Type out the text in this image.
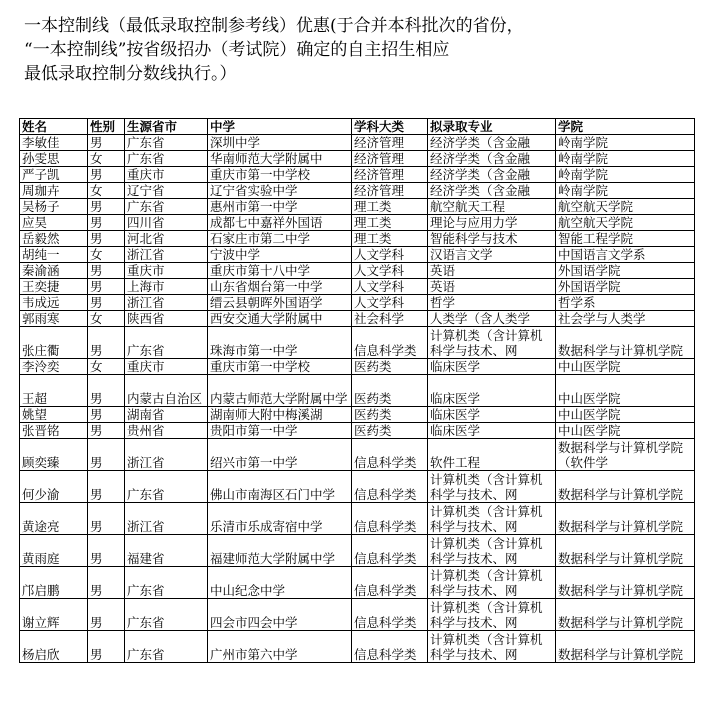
一本控制线（最低录取控制参考线）优惠(于合并本科批次的省份，
“一本控制线”按省级招办（考试院）确定的自主招生相应
最低录取控制分数线执行。）
姓名	性别	生源省市	中学	学科大类	拟录取专业	学院
李敏佳	男	广东省	深圳中学	经济管理	经济学类（含金融	岭南学院
孙雯思	女	广东省	华南师范大学附属中	经济管理	经济学类（含金融	岭南学院
严子凯	男	重庆市	重庆市第一中学校	经济管理	经济学类（含金融	岭南学院
周珈卉	女	辽宁省	辽宁省实验中学	经济管理	经济学类（含金融	岭南学院
吴杨子	男	广东省	惠州市第一中学	理工类	航空航天工程	航空航天学院
应昊	男	四川省	成都七中嘉祥外国语	理工类	理论与应用力学	航空航天学院
岳毅然	男	河北省	石家庄市第二中学	理工类	智能科学与技术	智能工程学院
胡纯一	女	浙江省	宁波中学	人文学科	汉语言文学	中国语言文学系
秦渝涵	男	重庆市	重庆市第十八中学	人文学科	英语	外国语学院
王奕捷	男	上海市	山东省烟台第一中学	人文学科	英语	外国语学院
韦成远	男	浙江省	缙云县朝晖外国语学	人文学科	哲学	哲学系
郭雨寒	女	陕西省	西安交通大学附属中	社会科学	人类学（含人类学	社会学与人类学
张庄衢	男	广东省	珠海市第一中学	信息科学类	计算机类（含计算机科学与技术、网	数据科学与计算机学院
李泠奕	女	重庆市	重庆市第一中学校	医药类	临床医学	中山医学院
王超	男	内蒙古自治区	内蒙古师范大学附属中学	医药类	临床医学	中山医学院
姚望	男	湖南省	湖南师大附中梅溪湖	医药类	临床医学	中山医学院
张晋铭	男	贵州省	贵阳市第一中学	医药类	临床医学	中山医学院
顾奕臻	男	浙江省	绍兴市第一中学	信息科学类	软件工程	数据科学与计算机学院（软件学
何少渝	男	广东省	佛山市南海区石门中学	信息科学类	计算机类（含计算机科学与技术、网	数据科学与计算机学院
黄途亮	男	浙江省	乐清市乐成寄宿中学	信息科学类	计算机类（含计算机科学与技术、网	数据科学与计算机学院
黄雨庭	男	福建省	福建师范大学附属中学	信息科学类	计算机类（含计算机科学与技术、网	数据科学与计算机学院
邝启鹏	男	广东省	中山纪念中学	信息科学类	计算机类（含计算机科学与技术、网	数据科学与计算机学院
谢立辉	男	广东省	四会市四会中学	信息科学类	计算机类（含计算机科学与技术、网	数据科学与计算机学院
杨启欣	男	广东省	广州市第六中学	信息科学类	计算机类（含计算机科学与技术、网	数据科学与计算机学院
